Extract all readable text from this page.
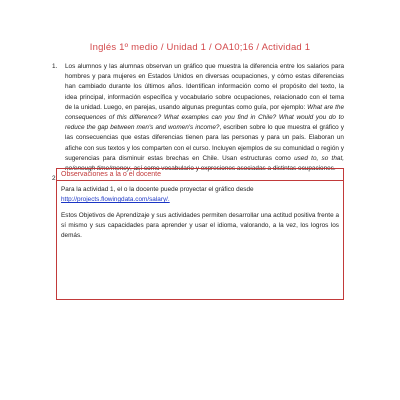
Inglés 1º medio / Unidad 1 / OA10;16 / Actividad 1
1. Los alumnos y las alumnas observan un gráfico que muestra la diferencia entre los salarios para hombres y para mujeres en Estados Unidos en diversas ocupaciones, y cómo estas diferencias han cambiado durante los últimos años. Identifican información como el propósito del texto, la idea principal, información específica y vocabulario sobre ocupaciones, relacionado con el tema de la unidad. Luego, en parejas, usando algunas preguntas como guía, por ejemplo: What are the consequences of this difference? What examples can you find in Chile? What would you do to reduce the gap between men's and women's income?, escriben sobre lo que muestra el gráfico y las consecuencias que estas diferencias tienen para las personas y para un país. Elaboran un afiche con sus textos y los comparten con el curso. Incluyen ejemplos de su comunidad o región y sugerencias para disminuir estas brechas en Chile. Usan estructuras como used to, so that, no/enough time/money, así como vocabulario y expresiones asociadas a distintas ocupaciones.
2.

Observaciones a la o el docente
Para la actividad 1, el o la docente puede proyectar el gráfico desde
http://projects.flowingdata.com/salary/.
Estos Objetivos de Aprendizaje y sus actividades permiten desarrollar una actitud positiva frente a sí mismo y sus capacidades para aprender y usar el idioma, valorando, a la vez, los logros los demás.
